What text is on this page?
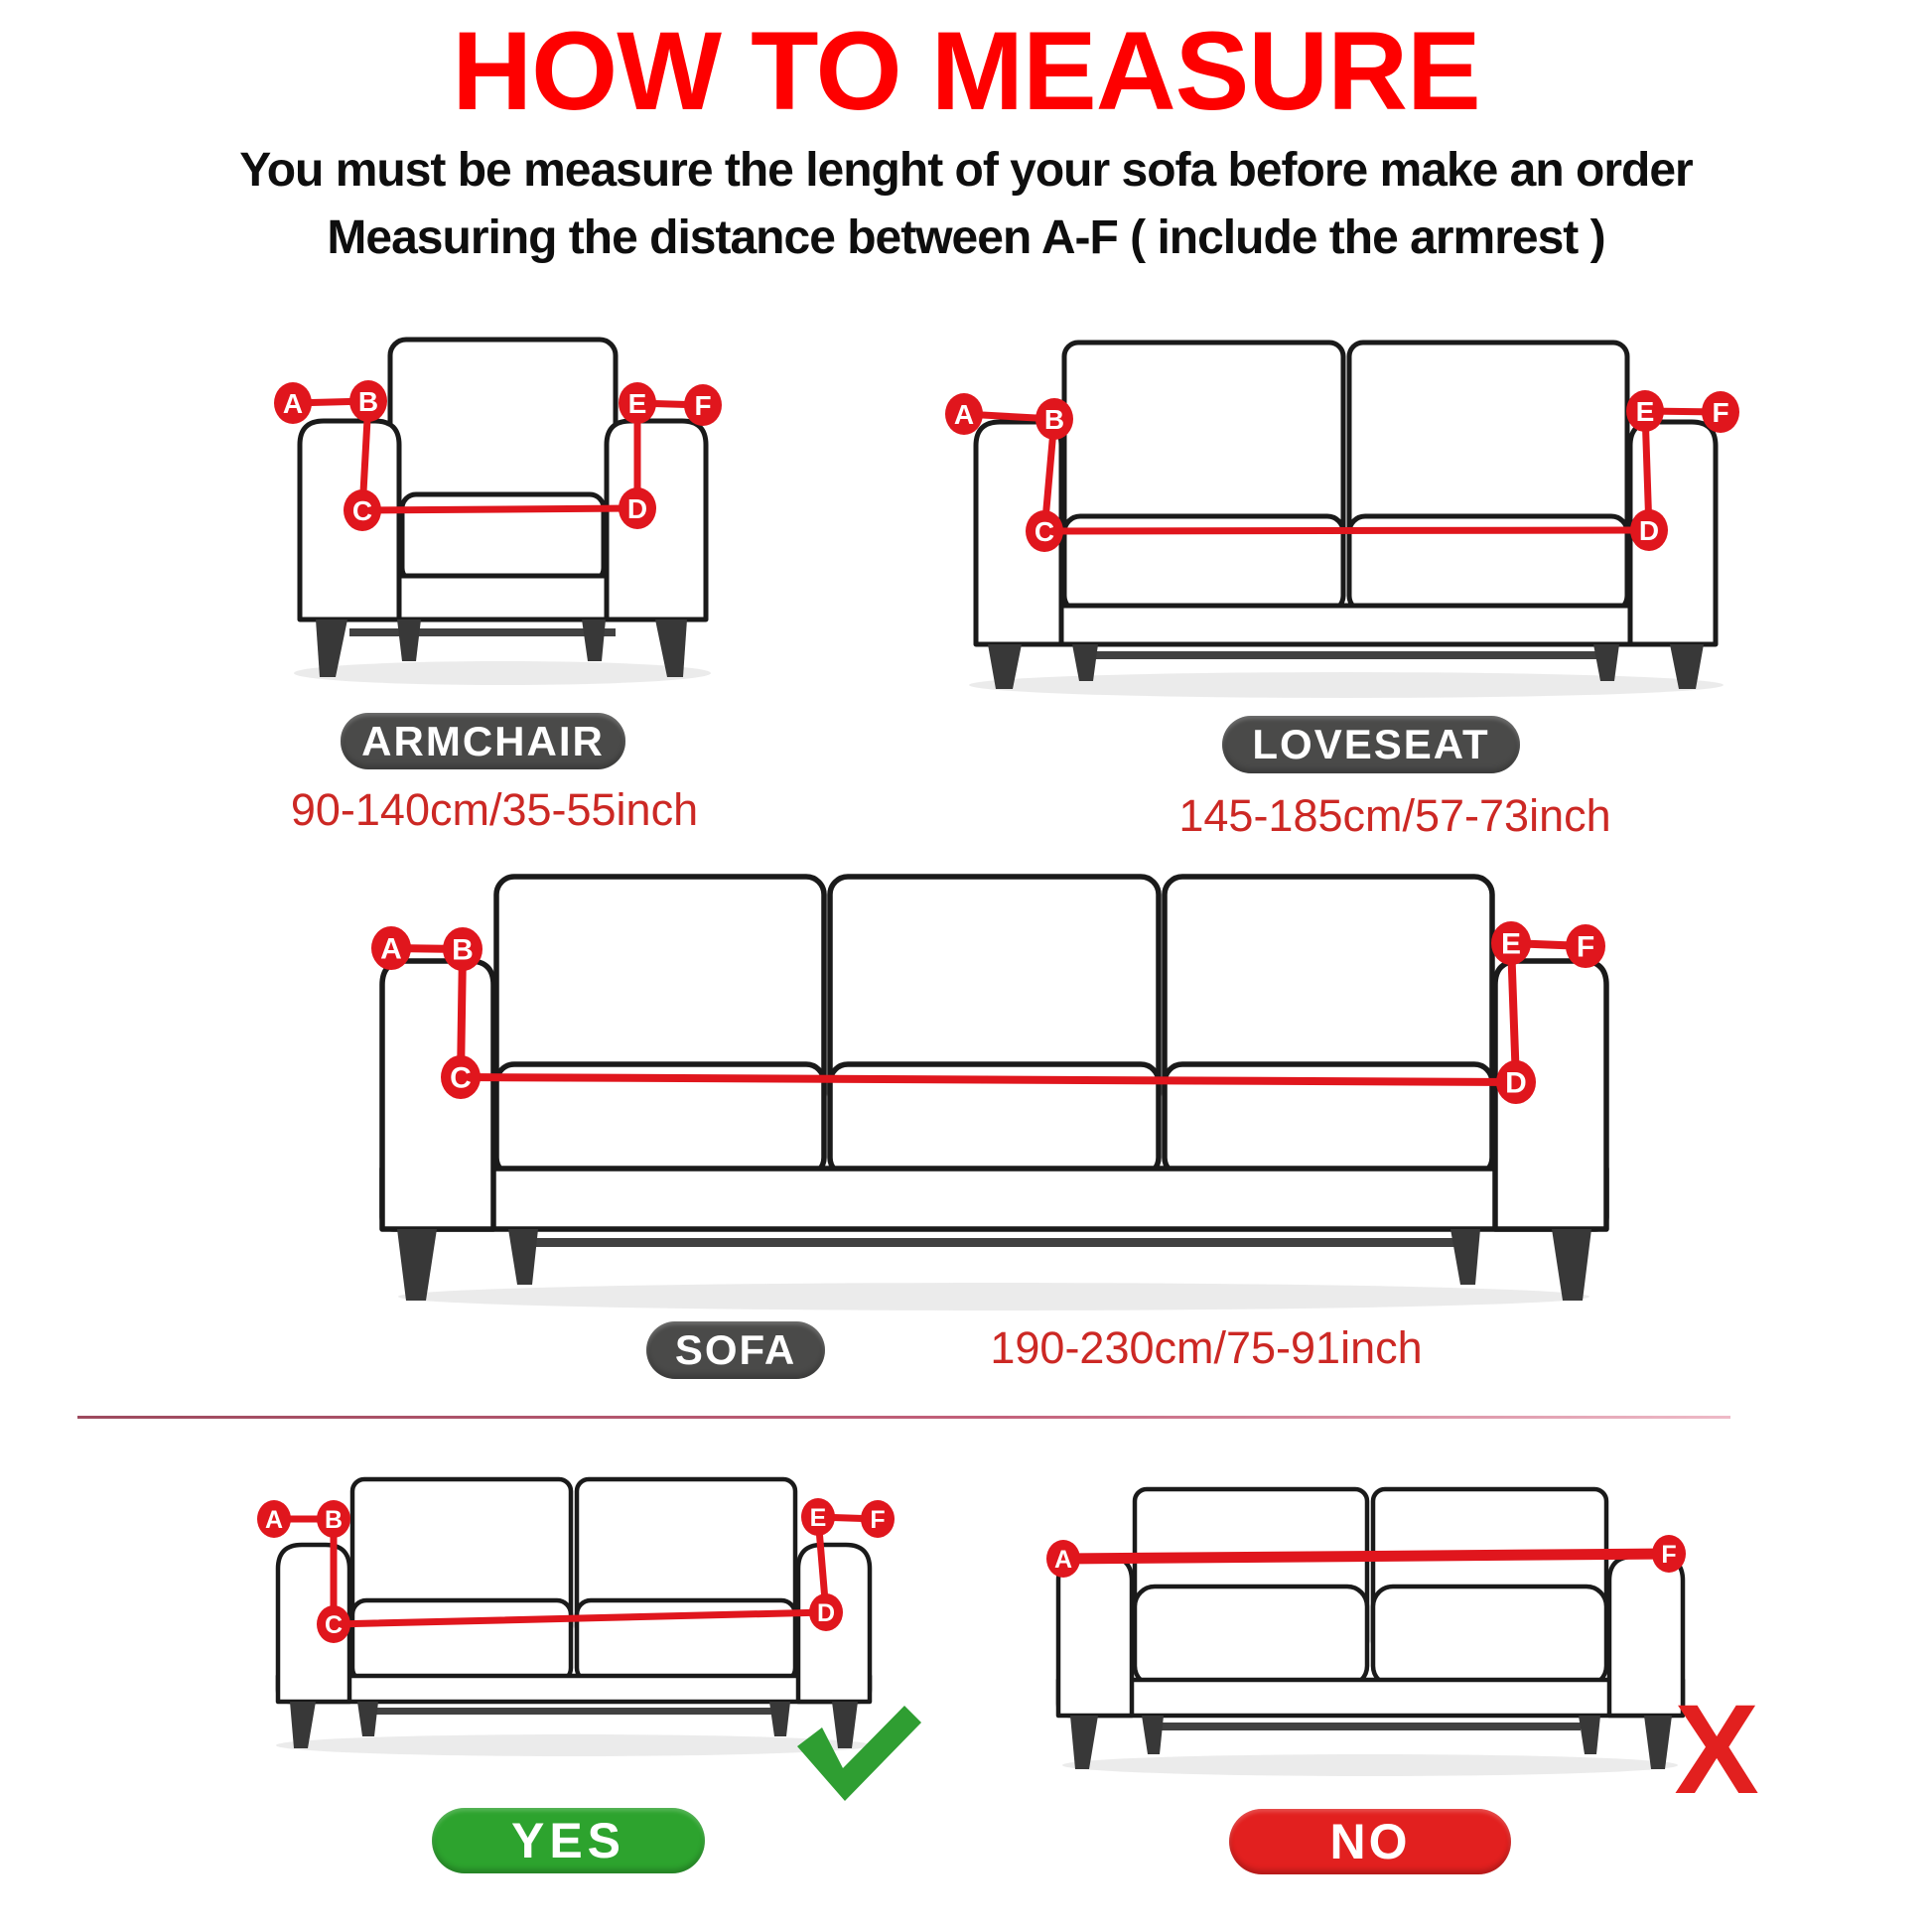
HOW TO MEASURE
You must be measure the lenght of your sofa before make an order
Measuring the distance between A-F ( include the armrest )
A B
C	D
E F	A	B
C	D
E F
A B
C	D
E F
A B
C	D
E F
A	F
X
ARMCHAIR
90-140cm/35-55inch
LOVESEAT
145-185cm/57-73inch
SOFA	190-230cm/75-91inch
YES	NO
